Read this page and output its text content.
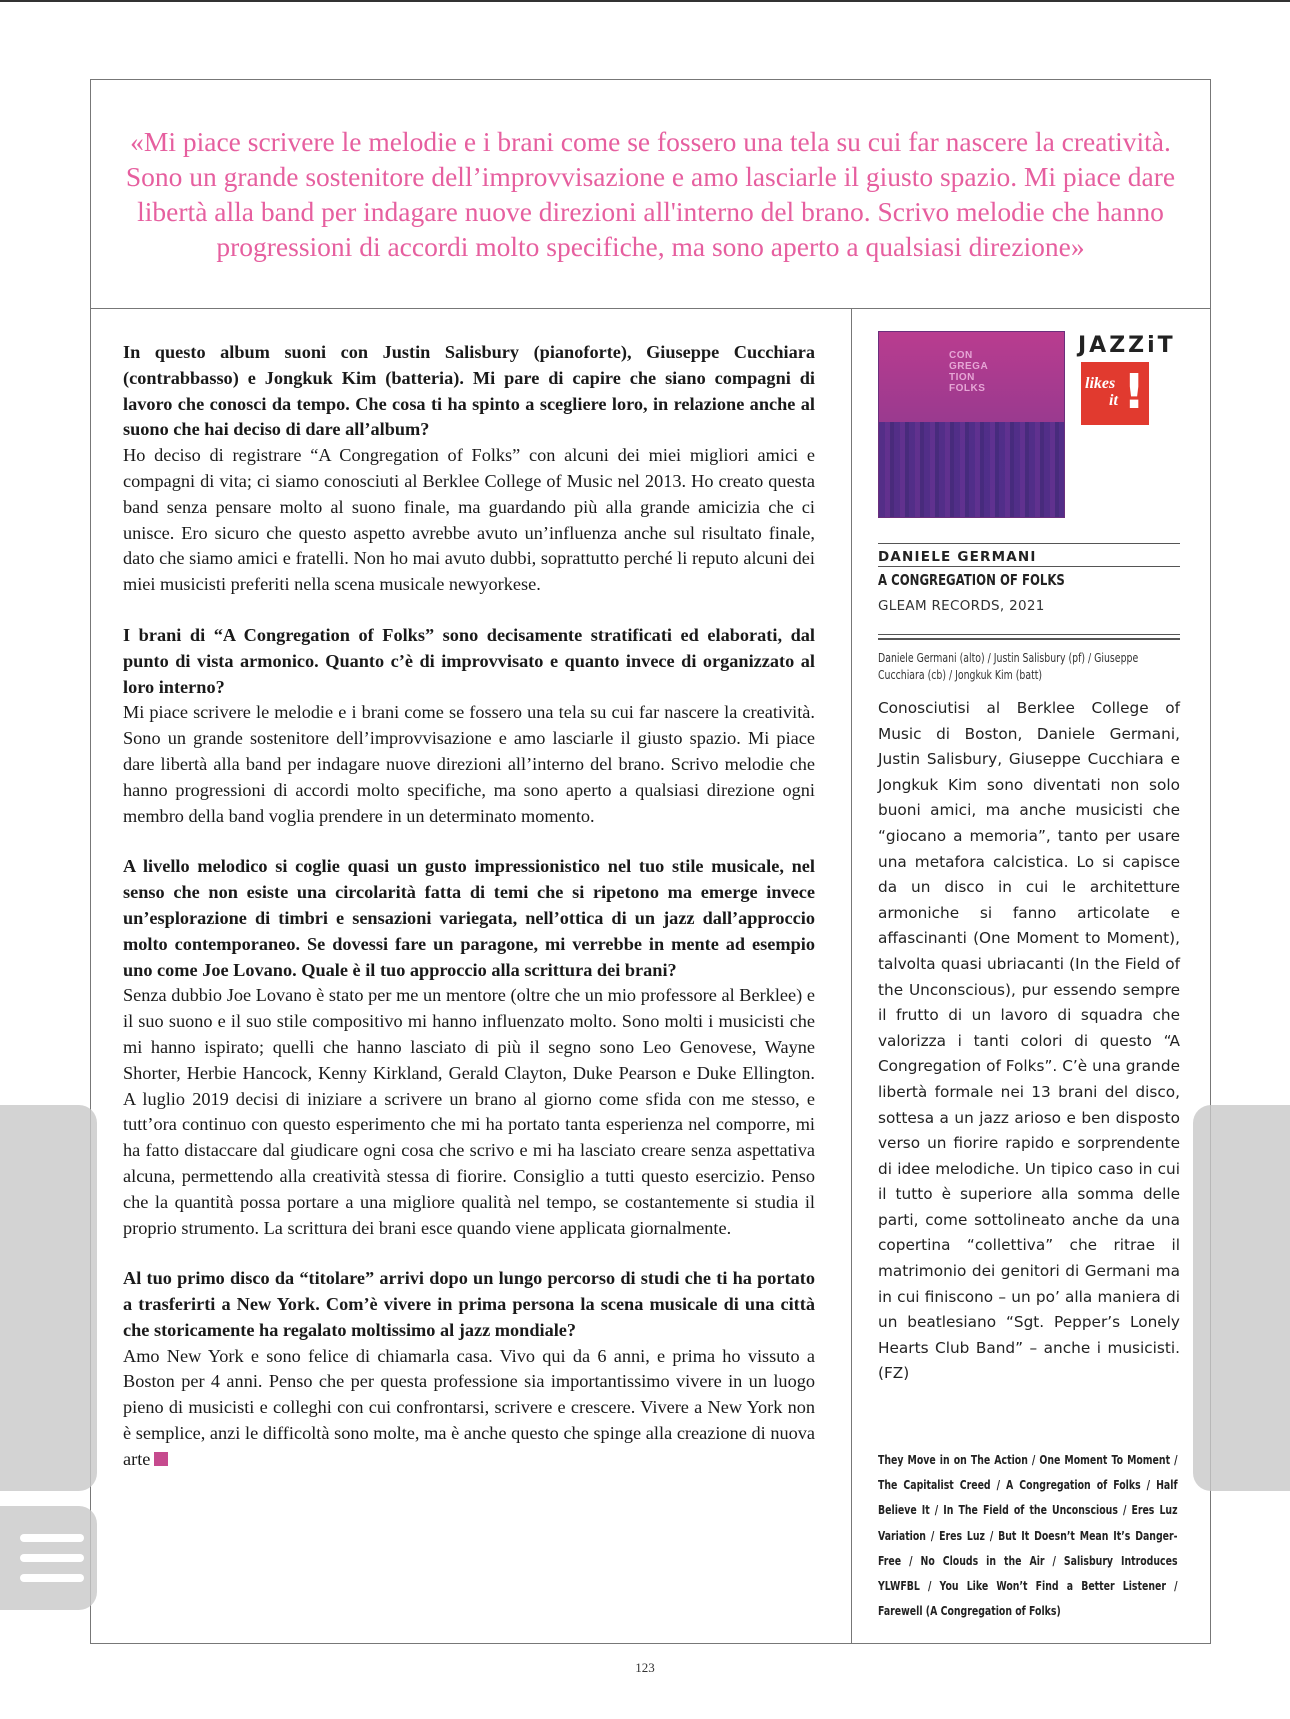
«Mi piace scrivere le melodie e i brani come se fossero una tela su cui far nascere la creatività. Sono un grande sostenitore dell’improvvisazione e amo lasciarle il giusto spazio. Mi piace dare libertà alla band per indagare nuove direzioni all'interno del brano. Scrivo melodie che hanno progressioni di accordi molto specifiche, ma sono aperto a qualsiasi direzione»

In questo album suoni con Justin Salisbury (pianoforte), Giuseppe Cucchiara (contrabbasso) e Jongkuk Kim (batteria). Mi pare di capire che siano compagni di lavoro che conosci da tempo. Che cosa ti ha spinto a scegliere loro, in relazione anche al suono che hai deciso di dare all’album?

Ho deciso di registrare “A Congregation of Folks” con alcuni dei miei migliori amici e compagni di vita; ci siamo conosciuti al Berklee College of Music nel 2013. Ho creato questa band senza pensare molto al suono finale, ma guardando più alla grande amicizia che ci unisce. Ero sicuro che questo aspetto avrebbe avuto un’influenza anche sul risultato finale, dato che siamo amici e fratelli. Non ho mai avuto dubbi, soprattutto perché li reputo alcuni dei miei musicisti preferiti nella scena musicale newyorkese.

I brani di “A Congregation of Folks” sono decisamente stratificati ed elaborati, dal punto di vista armonico. Quanto c’è di improvvisato e quanto invece di organizzato al loro interno?

Mi piace scrivere le melodie e i brani come se fossero una tela su cui far nascere la creatività. Sono un grande sostenitore dell’improvvisazione e amo lasciarle il giusto spazio. Mi piace dare libertà alla band per indagare nuove direzioni all’interno del brano. Scrivo melodie che hanno progressioni di accordi molto specifiche, ma sono aperto a qualsiasi direzione ogni membro della band voglia prendere in un determinato momento.

A livello melodico si coglie quasi un gusto impressionistico nel tuo stile musicale, nel senso che non esiste una circolarità fatta di temi che si ripetono ma emerge invece un’esplorazione di timbri e sensazioni variegata, nell’ottica di un jazz dall’approccio molto contemporaneo. Se dovessi fare un paragone, mi verrebbe in mente ad esempio uno come Joe Lovano. Quale è il tuo approccio alla scrittura dei brani?

Senza dubbio Joe Lovano è stato per me un mentore (oltre che un mio professore al Berklee) e il suo suono e il suo stile compositivo mi hanno influenzato molto. Sono molti i musicisti che mi hanno ispirato; quelli che hanno lasciato di più il segno sono Leo Genovese, Wayne Shorter, Herbie Hancock, Kenny Kirkland, Gerald Clayton, Duke Pearson e Duke Ellington. A luglio 2019 decisi di iniziare a scrivere un brano al giorno come sfida con me stesso, e tutt’ora continuo con questo esperimento che mi ha portato tanta esperienza nel comporre, mi ha fatto distaccare dal giudicare ogni cosa che scrivo e mi ha lasciato creare senza aspettativa alcuna, permettendo alla creatività stessa di fiorire. Consiglio a tutti questo esercizio. Penso che la quantità possa portare a una migliore qualità nel tempo, se costantemente si studia il proprio strumento. La scrittura dei brani esce quando viene applicata giornalmente.

Al tuo primo disco da “titolare” arrivi dopo un lungo percorso di studi che ti ha portato a trasferirti a New York. Com’è vivere in prima persona la scena musicale di una città che storicamente ha regalato moltissimo al jazz mondiale?

Amo New York e sono felice di chiamarla casa. Vivo qui da 6 anni, e prima ho vissuto a Boston per 4 anni. Penso che per questa professione sia importantissimo vivere in un luogo pieno di musicisti e colleghi con cui confrontarsi, scrivere e crescere. Vivere a New York non è semplice, anzi le difficoltà sono molte, ma è anche questo che spinge alla creazione di nuova arte

CON GREGA TION FOLKS
JAZZiT
likes
it !
DANIELE GERMANI
A CONGREGATION OF FOLKS
GLEAM RECORDS, 2021
Daniele Germani (alto) / Justin Salisbury (pf) / Giuseppe Cucchiara (cb) / Jongkuk Kim (batt)
Conosciutisi al Berklee College of Music di Boston, Daniele Germani, Justin Salisbury, Giuseppe Cucchiara e Jongkuk Kim sono diventati non solo buoni amici, ma anche musicisti che “giocano a memoria”, tanto per usare una metafora calcistica. Lo si capisce da un disco in cui le architetture armoniche si fanno articolate e affascinanti (One Moment to Moment), talvolta quasi ubriacanti (In the Field of the Unconscious), pur essendo sempre il frutto di un lavoro di squadra che valorizza i tanti colori di questo “A Congregation of Folks”. C’è una grande libertà formale nei 13 brani del disco, sottesa a un jazz arioso e ben disposto verso un fiorire rapido e sorprendente di idee melodiche. Un tipico caso in cui il tutto è superiore alla somma delle parti, come sottolineato anche da una copertina “collettiva” che ritrae il matrimonio dei genitori di Germani ma in cui finiscono – un po’ alla maniera di un beatlesiano “Sgt. Pepper’s Lonely Hearts Club Band” – anche i musicisti. (FZ)
They Move in on The Action / One Moment To Moment / The Capitalist Creed / A Congregation of Folks / Half Believe It / In The Field of the Unconscious / Eres Luz Variation / Eres Luz / But It Doesn’t Mean It’s Danger-Free / No Clouds in the Air / Salisbury Introduces YLWFBL / You Like Won’t Find a Better Listener / Farewell (A Congregation of Folks)
123
